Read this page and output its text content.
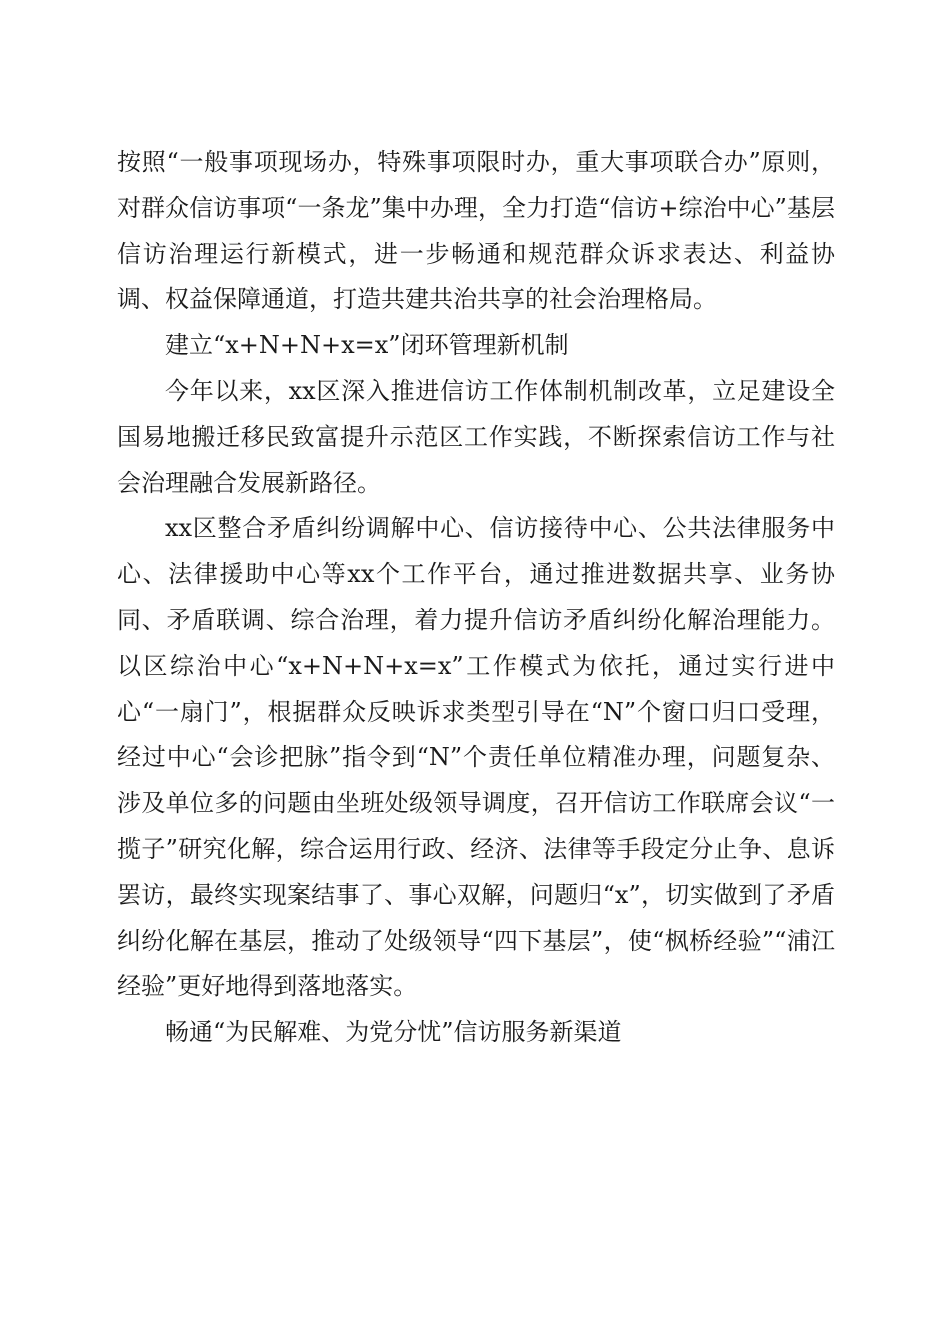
按照“一般事项现场办，特殊事项限时办，重大事项联合办”原则，对群众信访事项“一条龙”集中办理，全力打造“信访+综治中心”基层信访治理运行新模式，进一步畅通和规范群众诉求表达、利益协调、权益保障通道，打造共建共治共享的社会治理格局。

建立“x+N+N+x=x”闭环管理新机制

今年以来，xx区深入推进信访工作体制机制改革，立足建设全国易地搬迁移民致富提升示范区工作实践，不断探索信访工作与社会治理融合发展新路径。

xx区整合矛盾纠纷调解中心、信访接待中心、公共法律服务中心、法律援助中心等xx个工作平台，通过推进数据共享、业务协同、矛盾联调、综合治理，着力提升信访矛盾纠纷化解治理能力。以区综治中心“x+N+N+x=x”工作模式为依托，通过实行进中心“一扇门”，根据群众反映诉求类型引导在“N”个窗口归口受理，经过中心“会诊把脉”指令到“N”个责任单位精准办理，问题复杂、涉及单位多的问题由坐班处级领导调度，召开信访工作联席会议“一揽子”研究化解，综合运用行政、经济、法律等手段定分止争、息诉罢访，最终实现案结事了、事心双解，问题归“x”，切实做到了矛盾纠纷化解在基层，推动了处级领导“四下基层”，使“枫桥经验”“浦江经验”更好地得到落地落实。

畅通“为民解难、为党分忧”信访服务新渠道
